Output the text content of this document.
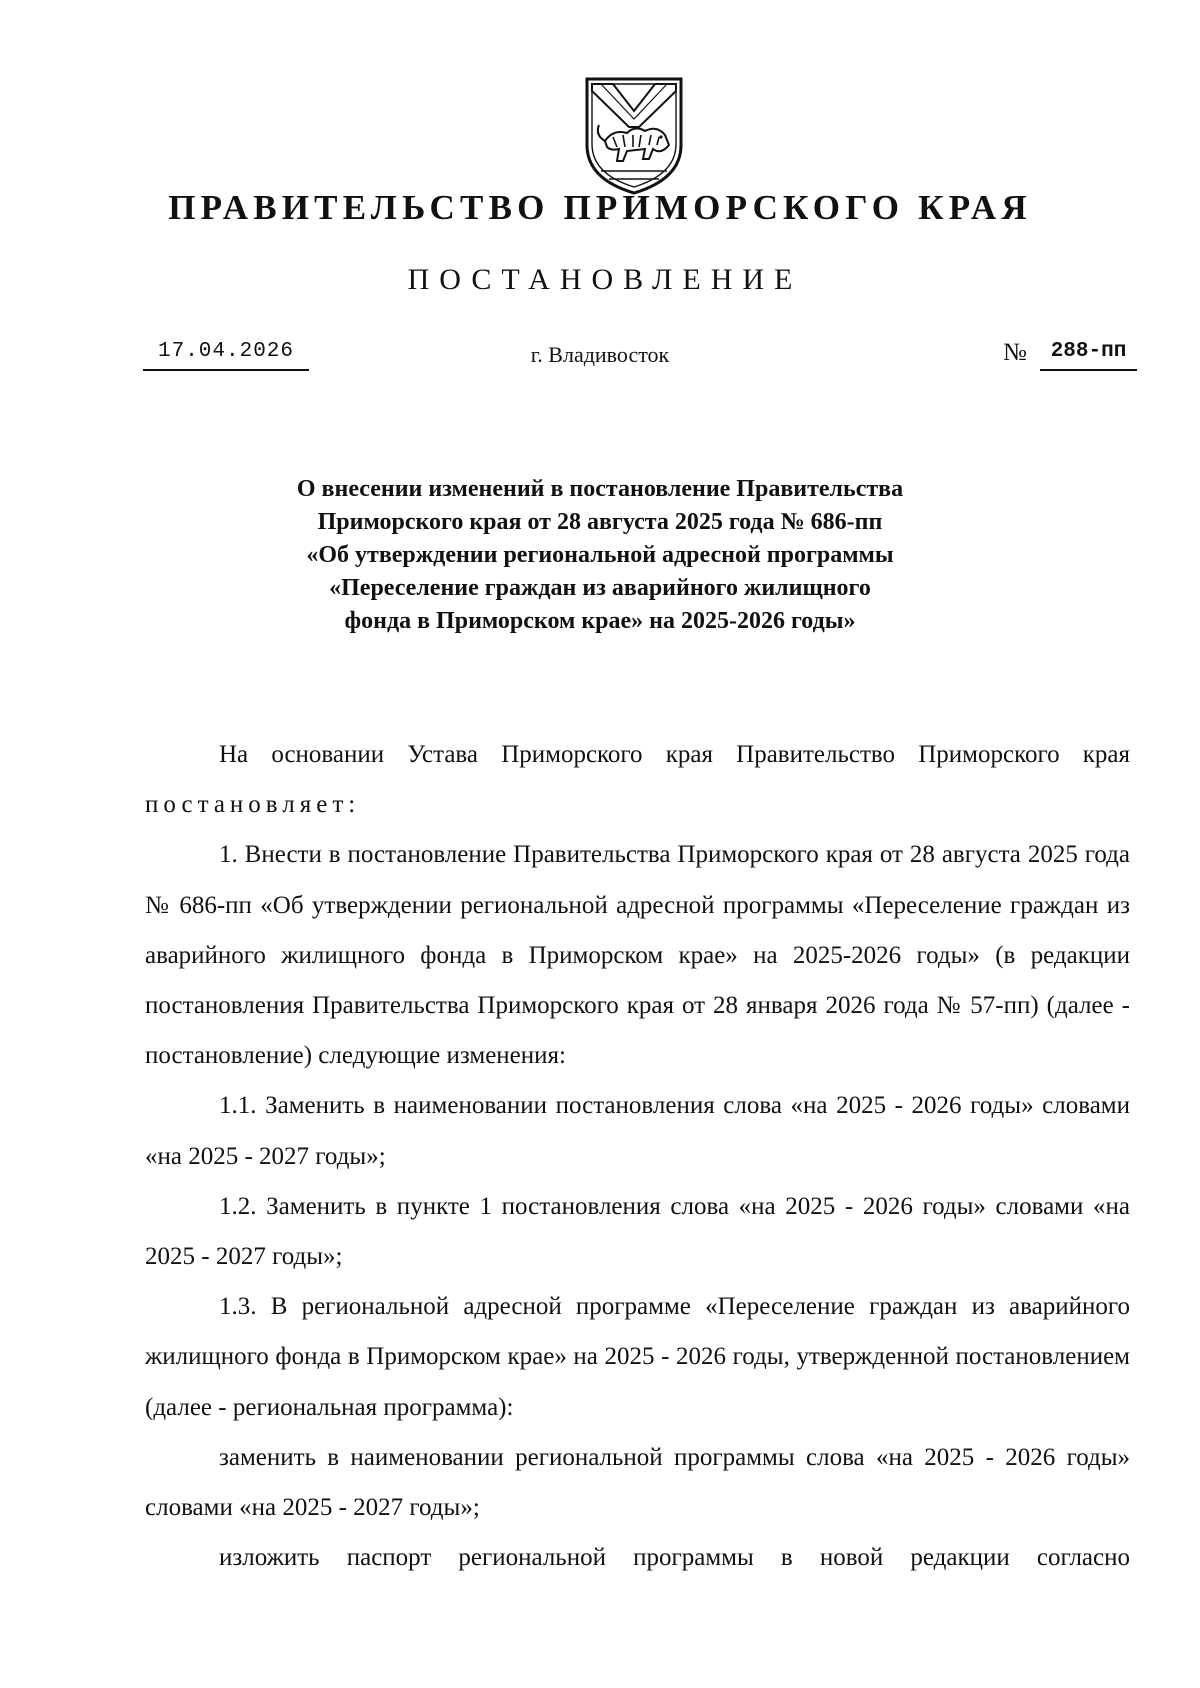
ПРАВИТЕЛЬСТВО ПРИМОРСКОГО КРАЯ
ПОСТАНОВЛЕНИЕ
17.04.2026	г. Владивосток	№	288-пп
О внесении изменений в постановление Правительства
Приморского края от 28 августа 2025 года № 686-пп
«Об утверждении региональной адресной программы
«Переселение граждан из аварийного жилищного
фонда в Приморском крае» на 2025-2026 годы»

На основании Устава Приморского края Правительство Приморского края постановляет:

1. Внести в постановление Правительства Приморского края от 28 августа 2025 года № 686-пп «Об утверждении региональной адресной программы «Переселение граждан из аварийного жилищного фонда в Приморском крае» на 2025-2026 годы» (в редакции постановления Правительства Приморского края от 28 января 2026 года № 57-пп) (далее - постановление) следующие изменения:

1.1. Заменить в наименовании постановления слова «на 2025 - 2026 годы» словами «на 2025 - 2027 годы»;

1.2. Заменить в пункте 1 постановления слова «на 2025 - 2026 годы» словами «на 2025 - 2027 годы»;

1.3. В региональной адресной программе «Переселение граждан из аварийного жилищного фонда в Приморском крае» на 2025 - 2026 годы, утвержденной постановлением (далее - региональная программа):

заменить в наименовании региональной программы слова «на 2025 - 2026 годы» словами «на 2025 - 2027 годы»;

изложить паспорт региональной программы в новой редакции согласно
